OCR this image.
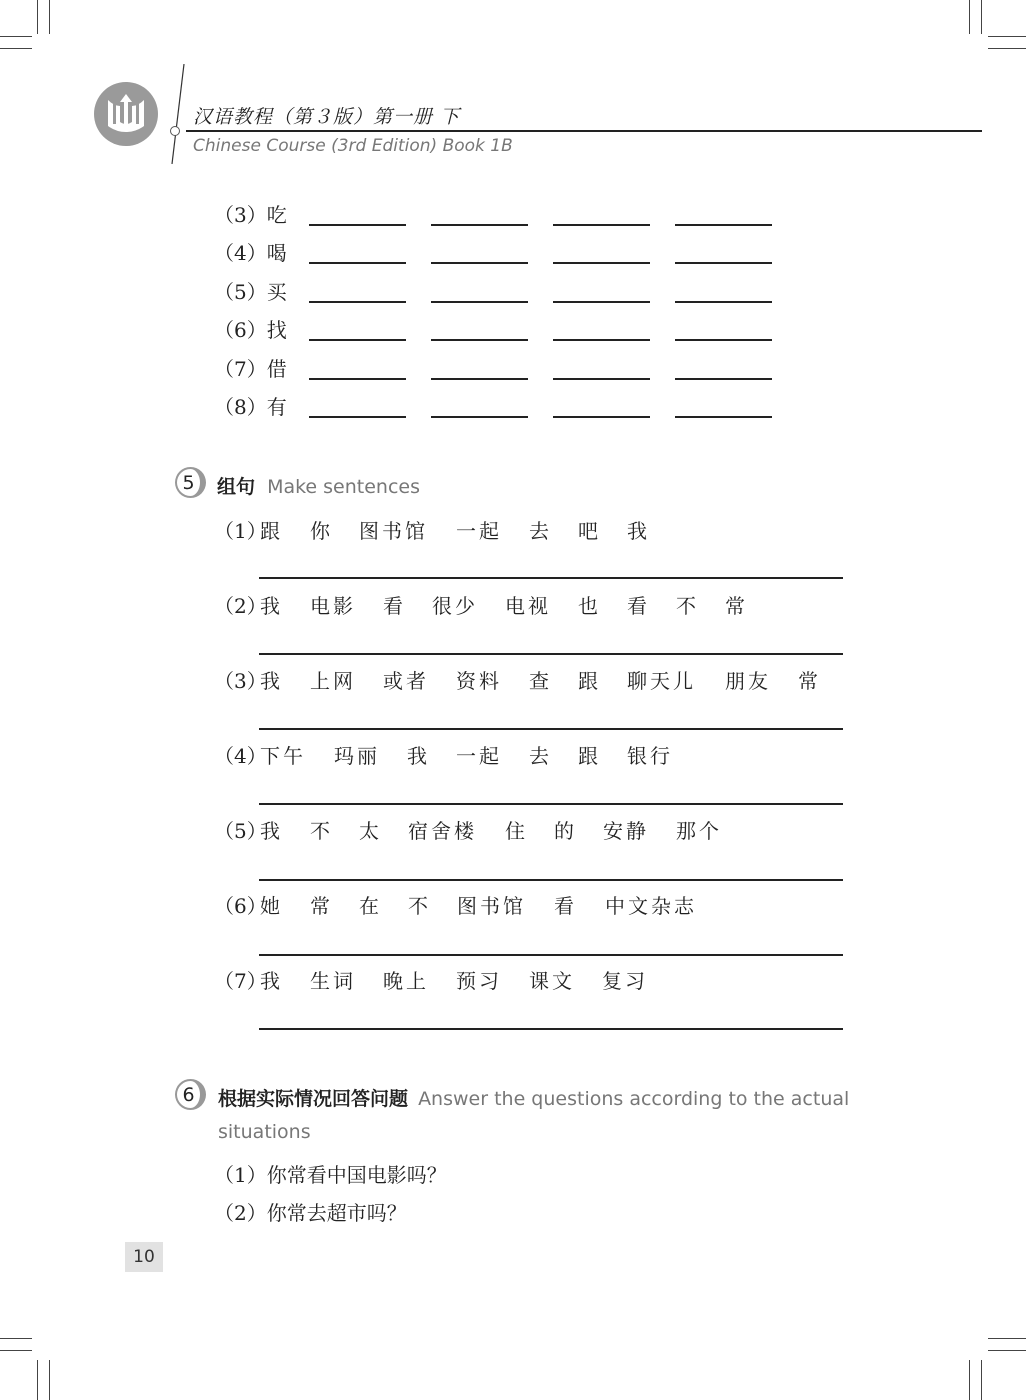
汉语教程（第３版）第一册 下
Chinese Course (3rd Edition) Book 1B
（3）吃
（4）喝
（5）买
（6）找
（7）借
（8）有
5	组句 Make sentences
（1）
跟 你 图书馆 一起 去 吧 我
（2）
我 电影 看 很少 电视 也 看 不 常
（3）
我 上网 或者 资料 查 跟 聊天儿 朋友 常
（4）
下午 玛丽 我 一起 去 跟 银行
（5）
我 不 太 宿舍楼 住 的 安静 那个
（6）
她 常 在 不 图书馆 看 中文杂志
（7）
我 生词 晚上 预习 课文 复习
6	根据实际情况回答问题 Answer the questions according to the actual
situations
（1）你常看中国电影吗？
（2）你常去超市吗？
10
